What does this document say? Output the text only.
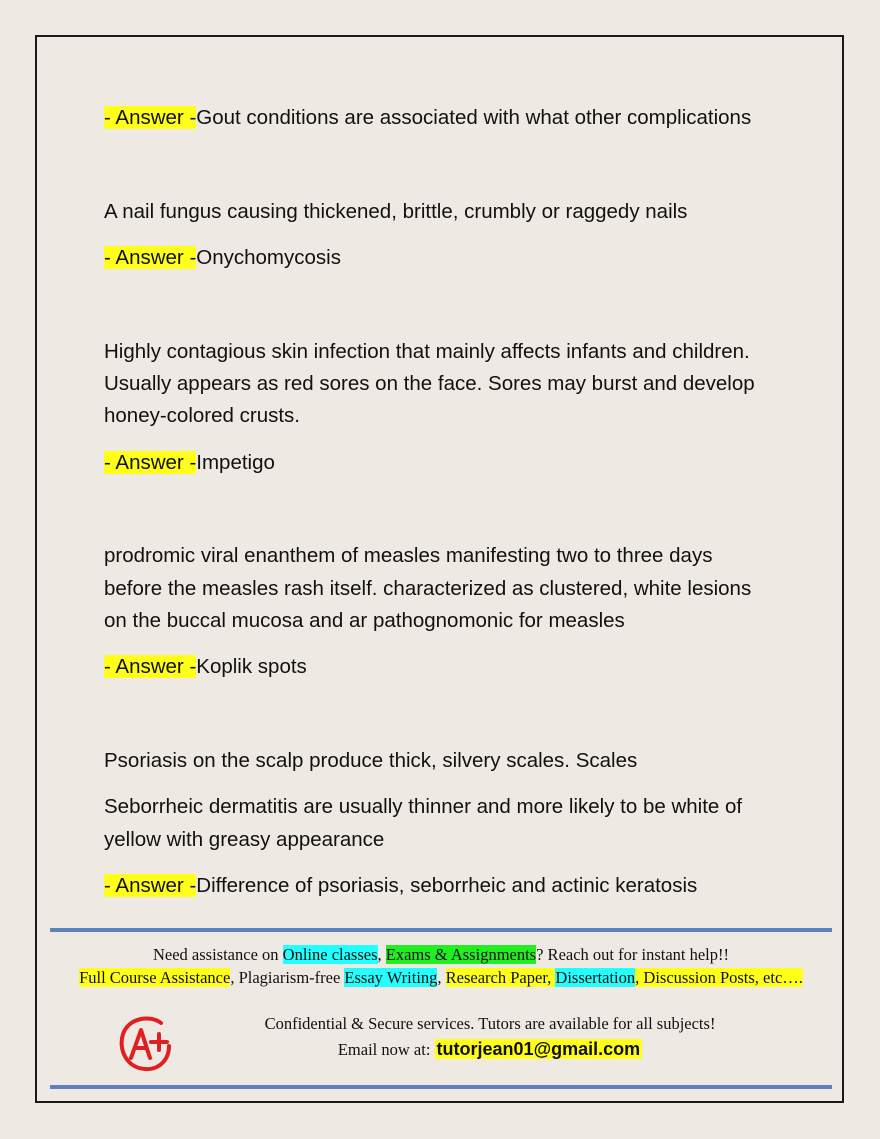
- Answer -Gout conditions are associated with what other complications

A nail fungus causing thickened, brittle, crumbly or raggedy nails

- Answer -Onychomycosis

Highly contagious skin infection that mainly affects infants and children.

Usually appears as red sores on the face. Sores may burst and develop

honey-colored crusts.

- Answer -Impetigo

prodromic viral enanthem of measles manifesting two to three days

before the measles rash itself. characterized as clustered, white lesions

on the buccal mucosa and ar pathognomonic for measles

- Answer -Koplik spots

Psoriasis on the scalp produce thick, silvery scales. Scales

Seborrheic dermatitis are usually thinner and more likely to be white of

yellow with greasy appearance

- Answer -Difference of psoriasis, seborrheic and actinic keratosis

Need assistance on Online classes, Exams & Assignments? Reach out for instant help!!
Full Course Assistance, Plagiarism-free Essay Writing, Research Paper, Dissertation, Discussion Posts, etc….
Confidential & Secure services. Tutors are available for all subjects!
Email now at: tutorjean01@gmail.com
